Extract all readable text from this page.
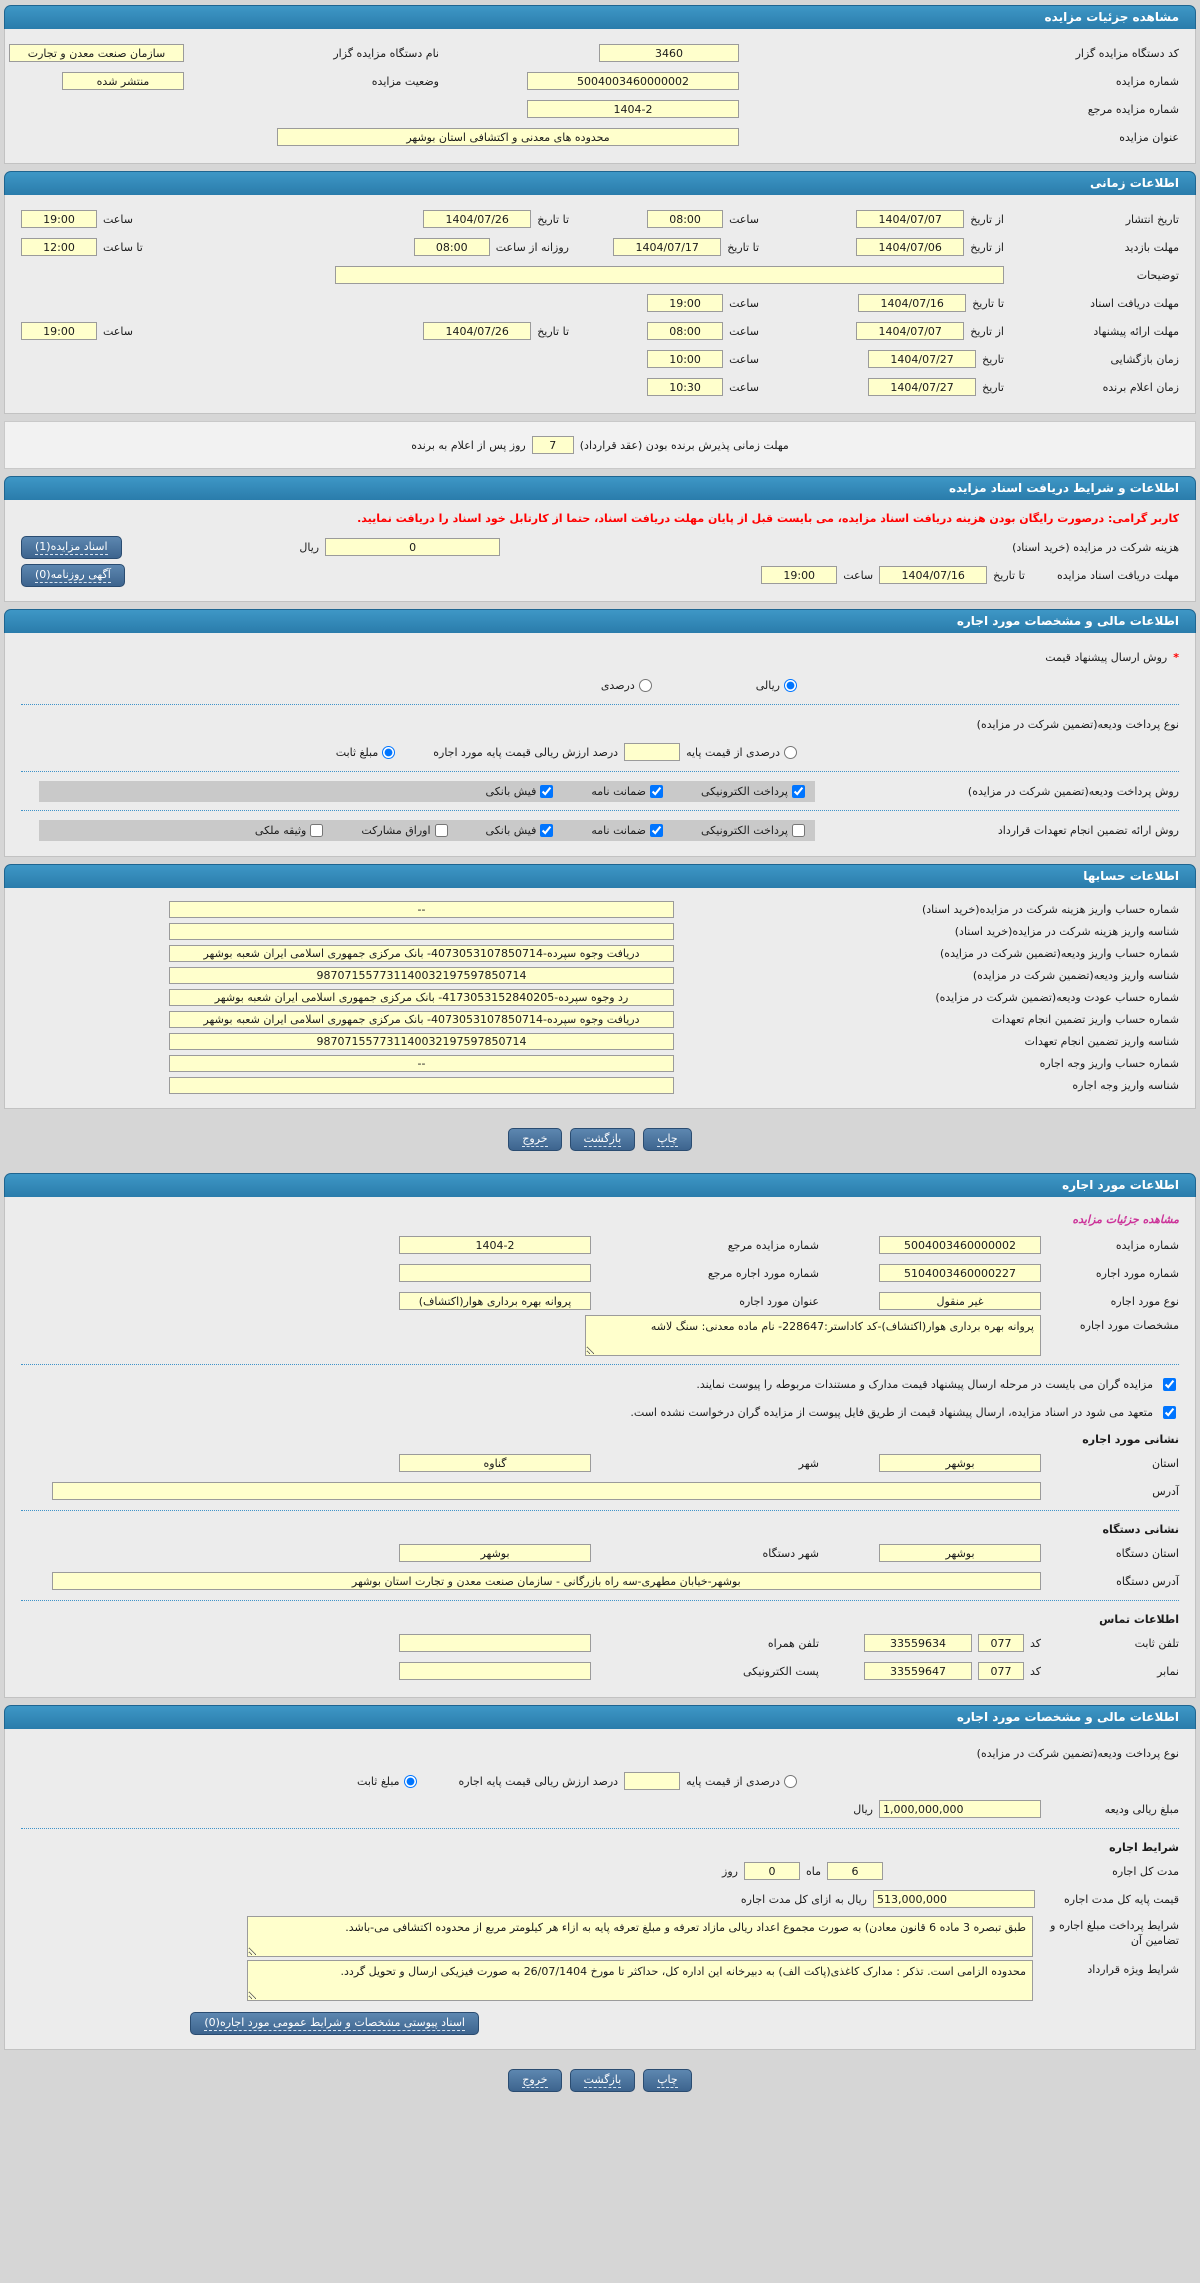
مشاهده جزئیات مزایده
کد دستگاه مزایده گزار
3460
نام دستگاه مزایده گزار
سازمان صنعت معدن و تجارت
شماره مزایده
5004003460000002
وضعیت مزایده
منتشر شده
شماره مزایده مرجع
1404-2
عنوان مزایده
محدوده های معدنی و اکتشافی استان بوشهر
اطلاعات زمانی
تاریخ انتشار
از تاریخ
1404/07/07
ساعت
08:00
تا تاریخ
1404/07/26
ساعت
19:00
مهلت بازدید
از تاریخ
1404/07/06
تا تاریخ
1404/07/17
روزانه از ساعت
08:00
تا ساعت
12:00
توضیحات
مهلت دریافت اسناد
تا تاریخ
1404/07/16
ساعت
19:00
مهلت ارائه پیشنهاد
از تاریخ
1404/07/07
ساعت
08:00
تا تاریخ
1404/07/26
ساعت
19:00
زمان بازگشایی
تاریخ
1404/07/27
ساعت
10:00
زمان اعلام برنده
تاریخ
1404/07/27
ساعت
10:30
مهلت زمانی پذیرش برنده بودن (عقد قرارداد)
7
روز پس از اعلام به برنده
اطلاعات و شرایط دریافت اسناد مزایده
کاربر گرامی: درصورت رایگان بودن هزینه دریافت اسناد مزایده، می بایست قبل از پایان مهلت دریافت اسناد، حتما از کارتابل خود اسناد را دریافت نمایید.
هزینه شرکت در مزایده (خرید اسناد)
0
ریال
اسناد مزایده(1)
مهلت دریافت اسناد مزایده
تا تاریخ
1404/07/16
ساعت
19:00
آگهی روزنامه(0)
اطلاعات مالی و مشخصات مورد اجاره
*
روش ارسال پیشنهاد قیمت
ریالی
درصدی
نوع پرداخت ودیعه(تضمین شرکت در مزایده)
درصدی از قیمت پایه
درصد ارزش ریالی قیمت پایه مورد اجاره
مبلغ ثابت
روش پرداخت ودیعه(تضمین شرکت در مزایده)
پرداخت الکترونیکی
ضمانت نامه
فیش بانکی
روش ارائه تضمین انجام تعهدات قرارداد
پرداخت الکترونیکی
ضمانت نامه
فیش بانکی
اوراق مشارکت
وثیقه ملکی
اطلاعات حسابها
شماره حساب واریز هزینه شرکت در مزایده(خرید اسناد)
--
شناسه واریز هزینه شرکت در مزایده(خرید اسناد)
شماره حساب واریز ودیعه(تضمین شرکت در مزایده)
دریافت وجوه سپرده-4073053107850714- بانک مرکزی جمهوری اسلامی ایران شعبه بوشهر
شناسه واریز ودیعه(تضمین شرکت در مزایده)
987071557731140032197597850714
شماره حساب عودت ودیعه(تضمین شرکت در مزایده)
رد وجوه سپرده-4173053152840205- بانک مرکزی جمهوری اسلامی ایران شعبه بوشهر
شماره حساب واریز تضمین انجام تعهدات
دریافت وجوه سپرده-4073053107850714- بانک مرکزی جمهوری اسلامی ایران شعبه بوشهر
شناسه واریز تضمین انجام تعهدات
987071557731140032197597850714
شماره حساب واریز وجه اجاره
--
شناسه واریز وجه اجاره
چاپ
بازگشت
خروج
اطلاعات مورد اجاره
مشاهده جزئیات مزایده
شماره مزایده
5004003460000002
شماره مزایده مرجع
1404-2
شماره مورد اجاره
5104003460000227
شماره مورد اجاره مرجع
نوع مورد اجاره
غیر منقول
عنوان مورد اجاره
پروانه بهره برداری هوار(اکتشاف)
مشخصات مورد اجاره
پروانه بهره برداری هوار(اکتشاف)-کد کاداستر:228647- نام ماده معدنی: سنگ لاشه
مزایده گران می بایست در مرحله ارسال پیشنهاد قیمت مدارک و مستندات مربوطه را پیوست نمایند.
متعهد می شود در اسناد مزایده، ارسال پیشنهاد قیمت از طریق فایل پیوست از مزایده گران درخواست نشده است.
نشانی مورد اجاره
استان
بوشهر
شهر
گناوه
آدرس
نشانی دستگاه
استان دستگاه
بوشهر
شهر دستگاه
بوشهر
آدرس دستگاه
بوشهر-خیابان مطهری-سه راه بازرگانی - سازمان صنعت معدن و تجارت استان بوشهر
اطلاعات تماس
تلفن ثابت
کد
077
33559634
تلفن همراه
نمابر
کد
077
33559647
پست الکترونیکی
اطلاعات مالی و مشخصات مورد اجاره
نوع پرداخت ودیعه(تضمین شرکت در مزایده)
درصدی از قیمت پایه
درصد ارزش ریالی قیمت پایه اجاره
مبلغ ثابت
مبلغ ریالی ودیعه
1,000,000,000
ریال
شرایط اجاره
مدت کل اجاره
6
ماه
0
روز
قیمت پایه کل مدت اجاره
513,000,000
ریال به ازای کل مدت اجاره
شرایط پرداخت مبلغ اجاره و تضامین آن
طبق تبصره 3 ماده 6 قانون معادن) به صورت مجموع اعداد ریالی مازاد تعرفه و مبلغ تعرفه پایه به ازاء هر کیلومتر مربع از محدوده اکتشافی می-باشد.
شرایط ویژه قرارداد
محدوده الزامی است. تذکر : مدارک کاغذی(پاکت الف) به دبیرخانه این اداره کل، حداکثر تا مورخ 26/07/1404 به صورت فیزیکی ارسال و تحویل گردد.
اسناد پیوستی مشخصات و شرایط عمومی مورد اجاره(0)
چاپ
بازگشت
خروج
